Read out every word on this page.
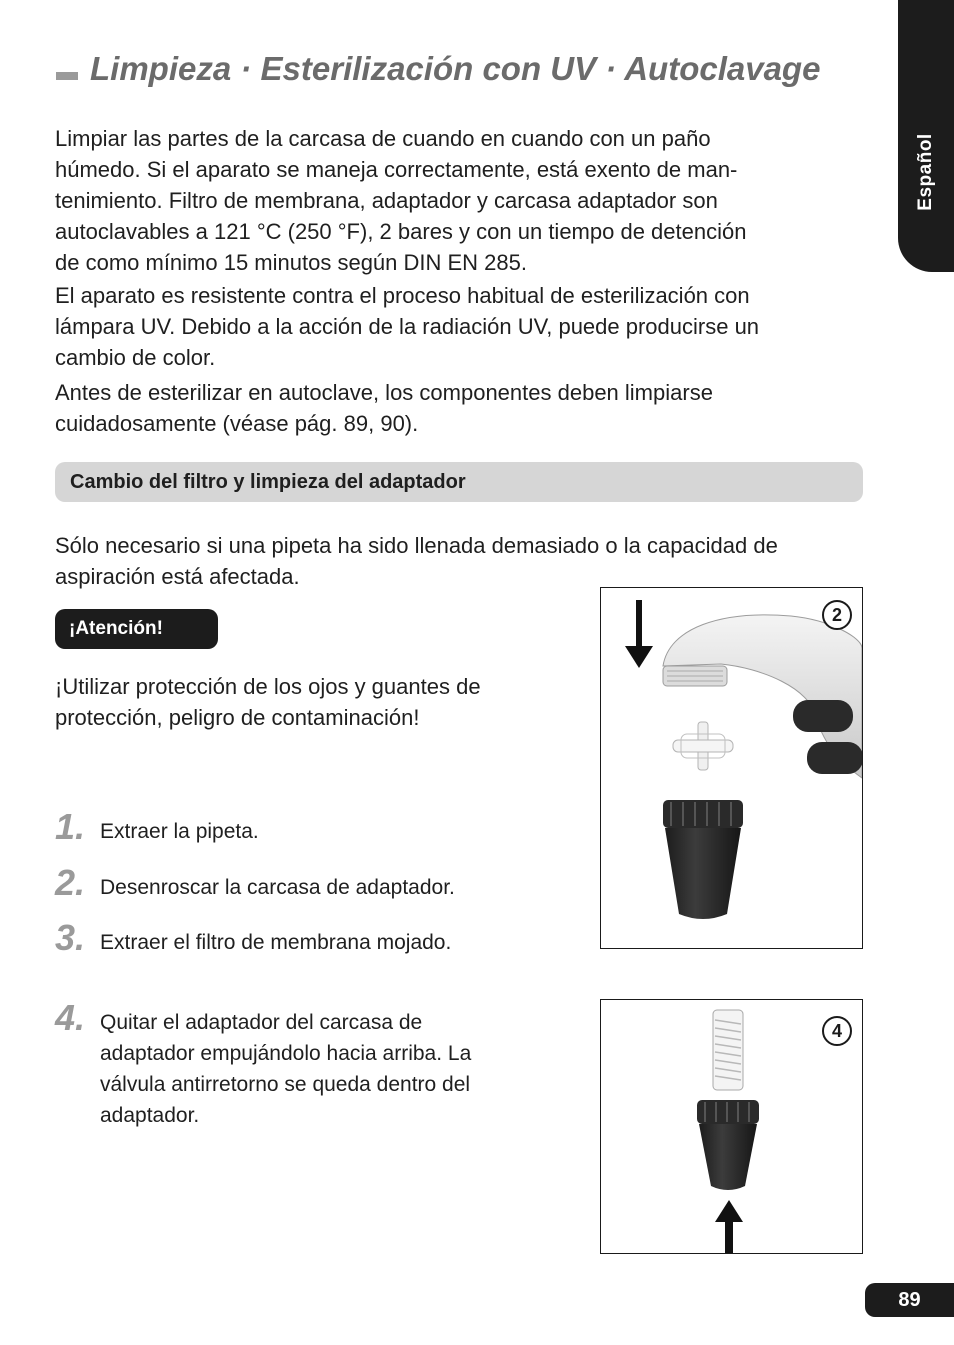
Español
Limpieza · Esterilización con UV · Autoclavage

Limpiar las partes de la carcasa de cuando en cuando con un paño
húmedo. Si el aparato se maneja correctamente, está exento de man-
tenimiento. Filtro de membrana, adaptador y carcasa adaptador son
autoclavables a 121 °C (250 °F), 2 bares y con un tiempo de detención
de como mínimo 15 minutos según DIN EN 285.

El aparato es resistente contra el proceso habitual de esterilización con
lámpara UV. Debido a la acción de la radiación UV, puede producirse un
cambio de color.

Antes de esterilizar en autoclave, los componentes deben limpiarse
cuidadosamente (véase pág. 89, 90).

Cambio del filtro y limpieza del adaptador

Sólo necesario si una pipeta ha sido llenada demasiado o la capacidad de
aspiración está afectada.

¡Atención!

¡Utilizar protección de los ojos y guantes de
protección, peligro de contaminación!

1. Extraer la pipeta.
2. Desenroscar la carcasa de adaptador.
3. Extraer el filtro de membrana mojado.
4. Quitar el adaptador del carcasa de
adaptador empujándolo hacia arriba. La
válvula antirretorno se queda dentro del
adaptador.
2
4
89
